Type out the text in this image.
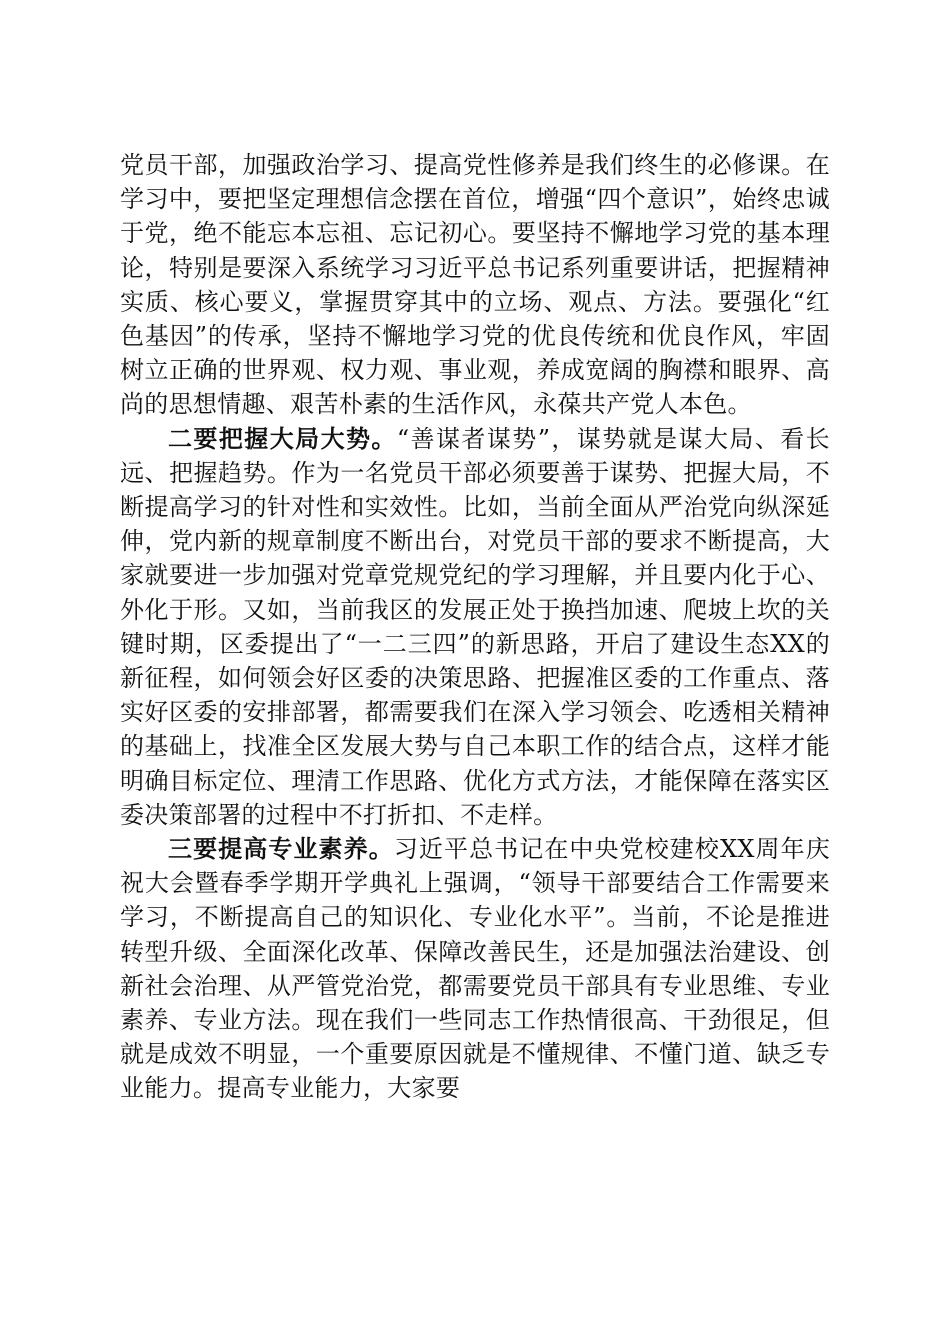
党员干部，加强政治学习、提高党性修养是我们终生的必修课。在学习中，要把坚定理想信念摆在首位，增强“四个意识”，始终忠诚于党，绝不能忘本忘祖、忘记初心。要坚持不懈地学习党的基本理论，特别是要深入系统学习习近平总书记系列重要讲话，把握精神实质、核心要义，掌握贯穿其中的立场、观点、方法。要强化“红色基因”的传承，坚持不懈地学习党的优良传统和优良作风，牢固树立正确的世界观、权力观、事业观，养成宽阔的胸襟和眼界、高尚的思想情趣、艰苦朴素的生活作风，永葆共产党人本色。

二要把握大局大势。“善谋者谋势”，谋势就是谋大局、看长远、把握趋势。作为一名党员干部必须要善于谋势、把握大局，不断提高学习的针对性和实效性。比如，当前全面从严治党向纵深延伸，党内新的规章制度不断出台，对党员干部的要求不断提高，大家就要进一步加强对党章党规党纪的学习理解，并且要内化于心、外化于形。又如，当前我区的发展正处于换挡加速、爬坡上坎的关键时期，区委提出了“一二三四”的新思路，开启了建设生态XX的新征程，如何领会好区委的决策思路、把握准区委的工作重点、落实好区委的安排部署，都需要我们在深入学习领会、吃透相关精神的基础上，找准全区发展大势与自己本职工作的结合点，这样才能明确目标定位、理清工作思路、优化方式方法，才能保障在落实区委决策部署的过程中不打折扣、不走样。

三要提高专业素养。习近平总书记在中央党校建校XX周年庆祝大会暨春季学期开学典礼上强调，“领导干部要结合工作需要来学习，不断提高自己的知识化、专业化水平”。当前，不论是推进转型升级、全面深化改革、保障改善民生，还是加强法治建设、创新社会治理、从严管党治党，都需要党员干部具有专业思维、专业素养、专业方法。现在我们一些同志工作热情很高、干劲很足，但就是成效不明显，一个重要原因就是不懂规律、不懂门道、缺乏专业能力。提高专业能力，大家要
